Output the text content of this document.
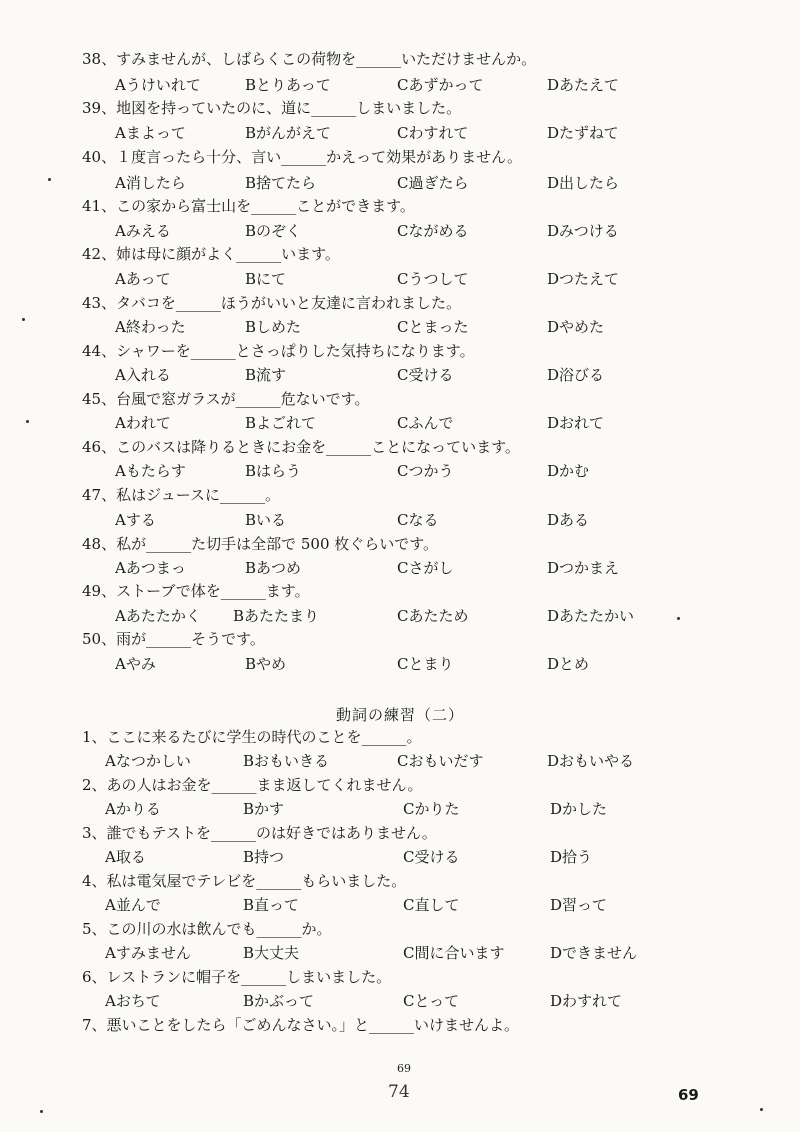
38、すみませんが、しばらくこの荷物を______いただけませんか。
Aうけいれて	Bとりあって	Cあずかって	Dあたえて
39、地図を持っていたのに、道に______しまいました。
Aまよって	Bがんがえて	Cわすれて	Dたずねて
40、１度言ったら十分、言い______かえって効果がありません。
A消したら	B捨てたら	C過ぎたら	D出したら
41、この家から富士山を______ことができます。
Aみえる	Bのぞく	Cながめる	Dみつける
42、姉は母に顔がよく______います。
Aあって	Bにて	Cうつして	Dつたえて
43、タバコを______ほうがいいと友達に言われました。
A終わった	Bしめた	Cとまった	Dやめた
44、シャワーを______とさっぱりした気持ちになります。
A入れる	B流す	C受ける	D浴びる
45、台風で窓ガラスが______危ないです。
Aわれて	Bよごれて	Cふんで	Dおれて
46、このバスは降りるときにお金を______ことになっています。
Aもたらす	Bはらう	Cつかう	Dかむ
47、私はジュースに______。
Aする	Bいる	Cなる	Dある
48、私が______た切手は全部で 500 枚ぐらいです。
Aあつまっ	Bあつめ	Cさがし	Dつかまえ
49、ストーブで体を______ます。
Aあたたかく Bあたたまり	Cあたため	Dあたたかい
50、雨が______そうです。
Aやみ	Bやめ	Cとまり	Dとめ
動詞の練習（二）
1、ここに来るたびに学生の時代のことを______。
Aなつかしい	Bおもいきる	Cおもいだす	Dおもいやる
2、あの人はお金を______まま返してくれません。
Aかりる	Bかす	Cかりた	Dかした
3、誰でもテストを______のは好きではありません。
A取る	B持つ	C受ける	D拾う
4、私は電気屋でテレビを______もらいました。
A並んで	B直って	C直して	D習って
5、この川の水は飲んでも______か。
Aすみません	B大丈夫	C間に合います	Dできません
6、レストランに帽子を______しまいました。
Aおちて	Bかぶって	Cとって	Dわすれて
7、悪いことをしたら「ごめんなさい。」と______いけませんよ。
69
74	69
